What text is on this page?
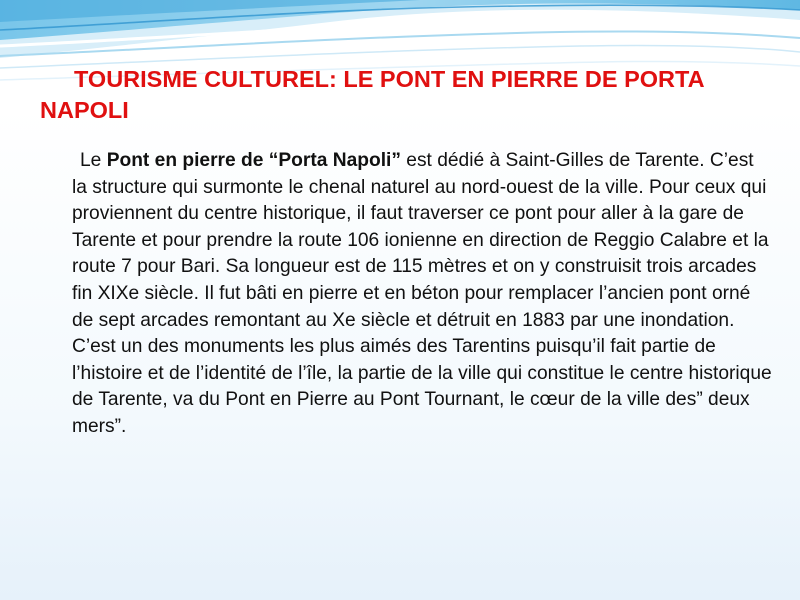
TOURISME CULTUREL: LE PONT EN PIERRE DE PORTA NAPOLI

Le Pont en pierre de “Porta Napoli” est dédié à Saint-Gilles de Tarente. C’est la structure qui surmonte le chenal naturel au nord-ouest de la ville. Pour ceux qui proviennent du centre historique, il faut traverser ce pont pour aller à la gare de Tarente et pour prendre la route 106 ionienne en direction de Reggio Calabre et la route 7 pour Bari. Sa longueur est de 115 mètres et on y construisit trois arcades fin XIXe siècle. Il fut bâti en pierre et en béton pour remplacer l’ancien pont orné de sept arcades remontant au Xe siècle et détruit en 1883 par une inondation. C’est un des monuments les plus aimés des Tarentins puisqu’il fait partie de l’histoire et de l’identité de l’île, la partie de la ville qui constitue le centre historique de Tarente, va du Pont en Pierre au Pont Tournant, le cœur de la ville des” deux mers”.
